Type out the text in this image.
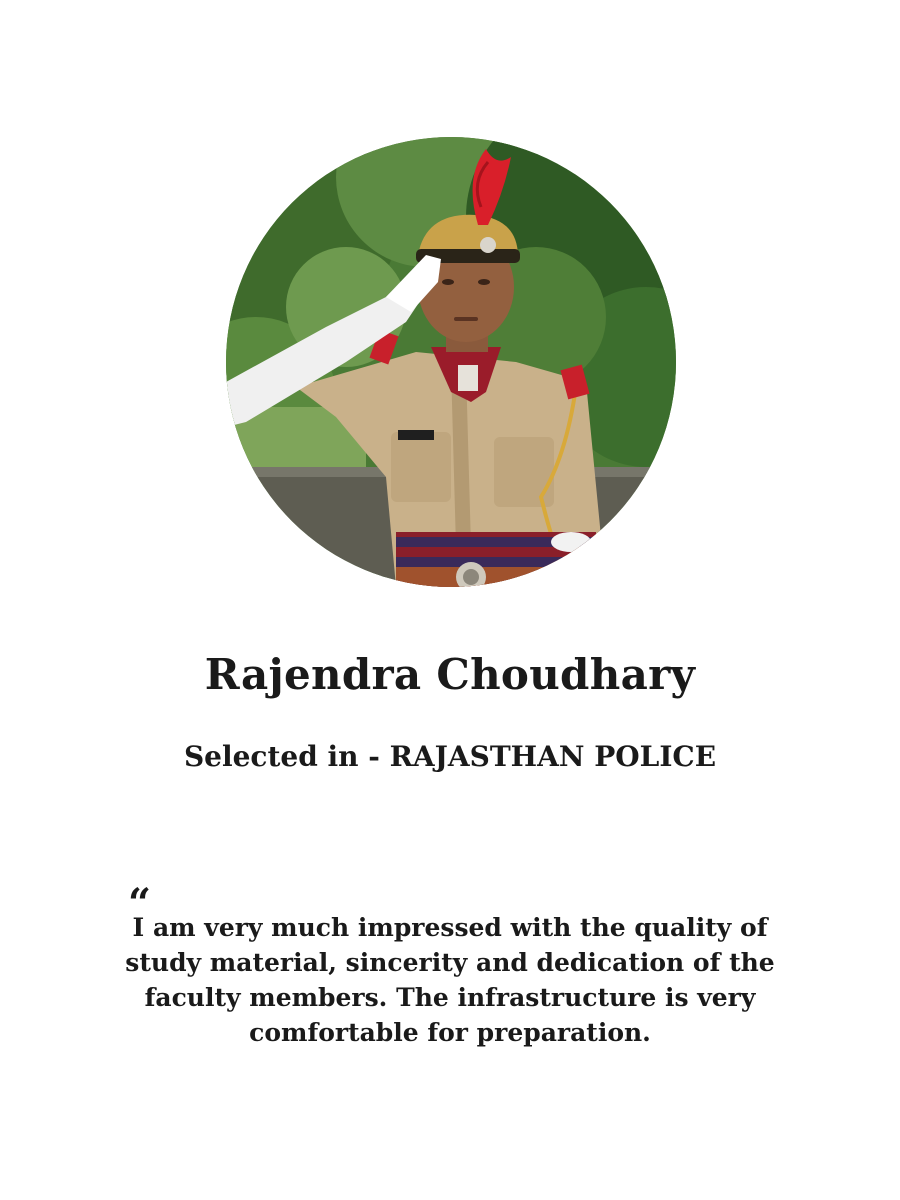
Rajendra Choudhary
Selected in - RAJASTHAN POLICE
“
I am very much impressed with the quality of
study material, sincerity and dedication of the
faculty members. The infrastructure is very
comfortable for preparation.
